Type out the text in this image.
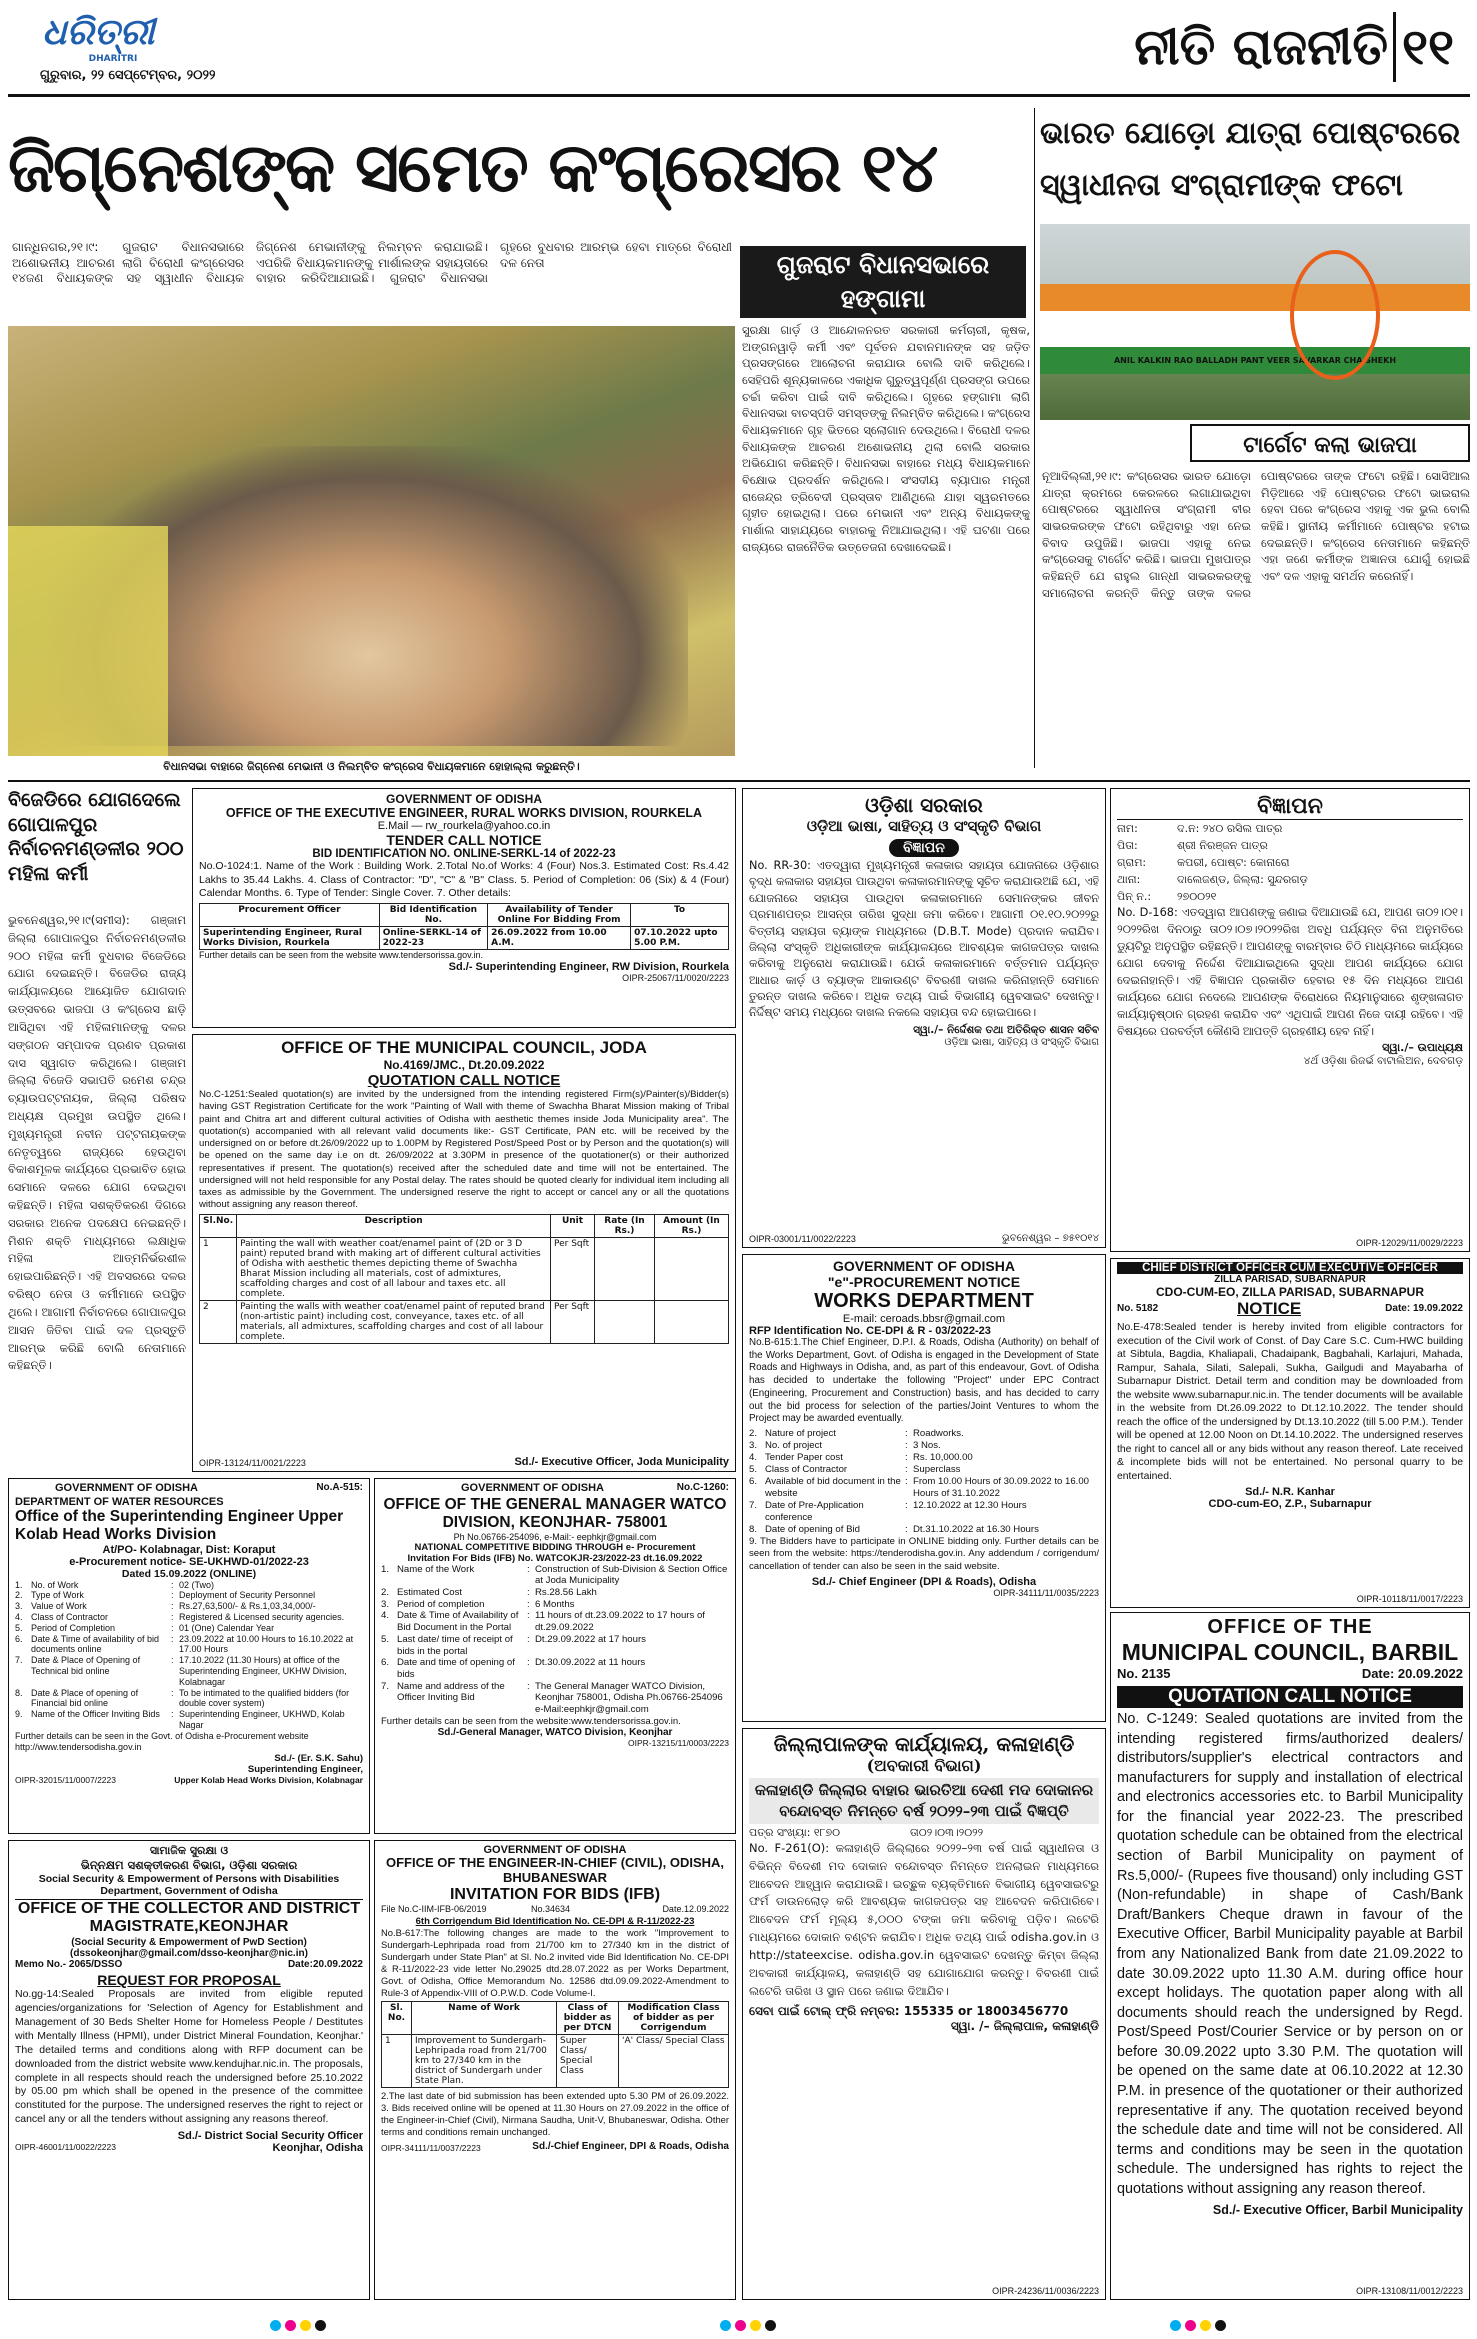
ଧରିତ୍ରୀ
DHARITRI
ଗୁରୁବାର, ୨୨ ସେପ୍ଟେମ୍ବର, ୨୦୨୨	ନୀତି ରାଜନୀତି ୧୧
ଜିଗ୍ନେଶଙ୍କ ସମେତ କଂଗ୍ରେସର ୧୪
ଗାନ୍ଧିନଗର,୨୧।୯: ଗୁଜରାଟ ବିଧାନସଭାରେ ଅଶୋଭନୀୟ ଆଚରଣ ଲାଗି ବିରୋଧୀ କଂଗ୍ରେସର ୧୪ଜଣ ବିଧାୟକଙ୍କ ସହ ସ୍ୱାଧୀନ ବିଧାୟକ ଜିଗ୍ନେଶ ମେଭାନୀଙ୍କୁ ନିଲମ୍ବନ କରାଯାଇଛି। ଏପରିକି ବିଧାୟକମାନଙ୍କୁ ମାର୍ଶାଲଙ୍କ ସହାୟତାରେ ବାହାର କରିଦିଆଯାଇଛି। ଗୁଜରାଟ ବିଧାନସଭା ଗୃହରେ ବୁଧବାର ଆରମ୍ଭ ହେବା ମାତ୍ରେ ବିରୋଧୀ ଦଳ ନେତା
ବିଧାନସଭା ବାହାରେ ଜିଗ୍ନେଶ ମେଭାନୀ ଓ ନିଲମ୍ବିତ କଂଗ୍ରେସ ବିଧାୟକମାନେ ହୋହାଲ୍ଲା କରୁଛନ୍ତି।
ଗୁଜରାଟ ବିଧାନସଭାରେ ହଙ୍ଗାମା
ସୁରକ୍ଷା ଗାର୍ଡ଼ ଓ ଆନ୍ଦୋଳନରତ ସରକାରୀ କର୍ମଚାରୀ, କୃଷକ, ଅଙ୍ଗନୱାଡ଼ି କର୍ମୀ ଏବଂ ପୂର୍ବତନ ଯବାନମାନଙ୍କ ସହ ଜଡ଼ିତ ପ୍ରସଙ୍ଗରେ ଆଲୋଚନା କରାଯାଉ ବୋଲି ଦାବି କରିଥିଲେ। ସେହିପରି ଶୂନ୍ୟକାଳରେ ଏକାଧିକ ଗୁରୁତ୍ୱପୂର୍ଣ୍ଣ ପ୍ରସଙ୍ଗ ଉପରେ ଚର୍ଚ୍ଚା କରିବା ପାଇଁ ଦାବି କରିଥିଲେ। ଗୃହରେ ହଙ୍ଗାମା ଲାଗି ବିଧାନସଭା ବାଚସ୍ପତି ସମସ୍ତଙ୍କୁ ନିଲମ୍ବିତ କରିଥିଲେ। କଂଗ୍ରେସ ବିଧାୟକମାନେ ଗୃହ ଭିତରେ ସ୍ଲୋଗାନ ଦେଉଥିଲେ। ବିରୋଧୀ ଦଳର ବିଧାୟକଙ୍କ ଆଚରଣ ଅଶୋଭନୀୟ ଥିଲା ବୋଲି ସରକାର ଅଭିଯୋଗ କରିଛନ୍ତି। ବିଧାନସଭା ବାହାରେ ମଧ୍ୟ ବିଧାୟକମାନେ ବିକ୍ଷୋଭ ପ୍ରଦର୍ଶନ କରିଥିଲେ। ସଂସଦୀୟ ବ୍ୟାପାର ମନ୍ତ୍ରୀ ରାଜେନ୍ଦ୍ର ତ୍ରିବେଦୀ ପ୍ରସ୍ତାବ ଆଣିଥିଲେ ଯାହା ସ୍ୱରମତରେ ଗୃହୀତ ହୋଇଥିଲା। ପରେ ମେଭାନୀ ଏବଂ ଅନ୍ୟ ବିଧାୟକଙ୍କୁ ମାର୍ଶାଲ ସାହାଯ୍ୟରେ ବାହାରକୁ ନିଆଯାଇଥିଲା। ଏହି ଘଟଣା ପରେ ରାଜ୍ୟରେ ରାଜନୈତିକ ଉତ୍ତେଜନା ଦେଖାଦେଇଛି।
ଭାରତ ଯୋଡ଼ୋ ଯାତ୍ରା ପୋଷ୍ଟରରେ ସ୍ୱାଧୀନତା ସଂଗ୍ରାମୀଙ୍କ ଫଟୋ
ANIL KALKIN RAO BALLADH PANT VEER SAVARKAR CHA SHEKH
ଟାର୍ଗେଟ କଲା ଭାଜପା
ନୂଆଦିଲ୍ଲୀ,୨୧।୯: କଂଗ୍ରେସର ଭାରତ ଯୋଡ଼ୋ ଯାତ୍ରା କ୍ରମରେ କେରଳରେ ଲଗାଯାଇଥିବା ପୋଷ୍ଟରରେ ସ୍ୱାଧୀନତା ସଂଗ୍ରାମୀ ବୀର ସାଭରକରଙ୍କ ଫଟୋ ରହିଥିବାରୁ ଏହା ନେଇ ବିବାଦ ଉପୁଜିଛି। ଭାଜପା ଏହାକୁ ନେଇ କଂଗ୍ରେସକୁ ଟାର୍ଗେଟ କରିଛି। ଭାଜପା ମୁଖପାତ୍ର କହିଛନ୍ତି ଯେ ରାହୁଲ ଗାନ୍ଧୀ ସାଭରକରଙ୍କୁ ସମାଲୋଚନା କରନ୍ତି କିନ୍ତୁ ତାଙ୍କ ଦଳର ପୋଷ୍ଟରରେ ତାଙ୍କ ଫଟୋ ରହିଛି। ସୋସିଆଲ ମିଡ଼ିଆରେ ଏହି ପୋଷ୍ଟରର ଫଟୋ ଭାଇରାଲ ହେବା ପରେ କଂଗ୍ରେସ ଏହାକୁ ଏକ ଭୁଲ ବୋଲି କହିଛି। ସ୍ଥାନୀୟ କର୍ମୀମାନେ ପୋଷ୍ଟର ହଟାଇ ଦେଇଛନ୍ତି। କଂଗ୍ରେସ ନେତାମାନେ କହିଛନ୍ତି ଏହା ଜଣେ କର୍ମୀଙ୍କ ଅଜ୍ଞାନତା ଯୋଗୁଁ ହୋଇଛି ଏବଂ ଦଳ ଏହାକୁ ସମର୍ଥନ କରେନାହିଁ।
ବିଜେଡିରେ ଯୋଗଦେଲେ ଗୋପାଳପୁର ନିର୍ବାଚନମଣ୍ଡଳୀର ୨୦୦ ମହିଳା କର୍ମୀ
ଭୁବନେଶ୍ୱର,୨୧।୯(ସମୀସ): ଗଞ୍ଜାମ ଜିଲ୍ଲା ଗୋପାଳପୁର ନିର୍ବାଚନମଣ୍ଡଳୀର ୨୦୦ ମହିଳା କର୍ମୀ ବୁଧବାର ବିଜେଡିରେ ଯୋଗ ଦେଇଛନ୍ତି। ବିଜେଡିର ରାଜ୍ୟ କାର୍ଯ୍ୟାଳୟରେ ଆୟୋଜିତ ଯୋଗଦାନ ଉତ୍ସବରେ ଭାଜପା ଓ କଂଗ୍ରେସ ଛାଡ଼ି ଆସିଥିବା ଏହି ମହିଳାମାନଙ୍କୁ ଦଳର ସଙ୍ଗଠନ ସମ୍ପାଦକ ପ୍ରଣବ ପ୍ରକାଶ ଦାସ ସ୍ୱାଗତ କରିଥିଲେ। ଗଞ୍ଜାମ ଜିଲ୍ଲା ବିଜେଡି ସଭାପତି ରମେଶ ଚନ୍ଦ୍ର ଚ୍ୟାଉପଟ୍ଟନାୟକ, ଜିଲ୍ଲା ପରିଷଦ ଅଧ୍ୟକ୍ଷ ପ୍ରମୁଖ ଉପସ୍ଥିତ ଥିଲେ। ମୁଖ୍ୟମନ୍ତ୍ରୀ ନବୀନ ପଟ୍ଟନାୟକଙ୍କ ନେତୃତ୍ୱରେ ରାଜ୍ୟରେ ହେଉଥିବା ବିକାଶମୂଳକ କାର୍ଯ୍ୟରେ ପ୍ରଭାବିତ ହୋଇ ସେମାନେ ଦଳରେ ଯୋଗ ଦେଇଥିବା କହିଛନ୍ତି। ମହିଳା ସଶକ୍ତିକରଣ ଦିଗରେ ସରକାର ଅନେକ ପଦକ୍ଷେପ ନେଇଛନ୍ତି। ମିଶନ ଶକ୍ତି ମାଧ୍ୟମରେ ଲକ୍ଷାଧିକ ମହିଳା ଆତ୍ମନିର୍ଭରଶୀଳ ହୋଇପାରିଛନ୍ତି। ଏହି ଅବସରରେ ଦଳର ବରିଷ୍ଠ ନେତା ଓ କର୍ମୀମାନେ ଉପସ୍ଥିତ ଥିଲେ। ଆଗାମୀ ନିର୍ବାଚନରେ ଗୋପାଳପୁର ଆସନ ଜିତିବା ପାଇଁ ଦଳ ପ୍ରସ୍ତୁତି ଆରମ୍ଭ କରିଛି ବୋଲି ନେତାମାନେ କହିଛନ୍ତି।
GOVERNMENT OF ODISHA
OFFICE OF THE EXECUTIVE ENGINEER, RURAL WORKS DIVISION, ROURKELA
E.Mail — rw_rourkela@yahoo.co.in
TENDER CALL NOTICE
BID IDENTIFICATION NO. ONLINE-SERKL-14 of 2022-23
No.O-1024:1. Name of the Work : Building Work. 2.Total No.of Works: 4 (Four) Nos.3. Estimated Cost: Rs.4.42 Lakhs to 35.44 Lakhs. 4. Class of Contractor: "D", "C" & "B" Class. 5. Period of Completion: 06 (Six) & 4 (Four) Calendar Months. 6. Type of Tender: Single Cover. 7. Other details:
Procurement Officer	Bid Identification No.	Availability of Tender Online For Bidding From	To
Superintending Engineer, Rural Works Division, Rourkela	Online-SERKL-14 of 2022-23	26.09.2022 from 10.00 A.M.	07.10.2022 upto 5.00 P.M.
Further details can be seen from the website www.tendersorissa.gov.in.
Sd./- Superintending Engineer, RW Division, Rourkela
OIPR-25067/11/0020/2223
OFFICE OF THE MUNICIPAL COUNCIL, JODA
No.4169/JMC., Dt.20.09.2022
QUOTATION CALL NOTICE
No.C-1251:Sealed quotation(s) are invited by the undersigned from the intending registered Firm(s)/Painter(s)/Bidder(s) having GST Registration Certificate for the work "Painting of Wall with theme of Swachha Bharat Mission making of Tribal paint and Chitra art and different cultural activities of Odisha with aesthetic themes inside Joda Municipality area". The quotation(s) accompanied with all relevant valid documents like:- GST Certificate, PAN etc. will be received by the undersigned on or before dt.26/09/2022 up to 1.00PM by Registered Post/Speed Post or by Person and the quotation(s) will be opened on the same day i.e on dt. 26/09/2022 at 3.30PM in presence of the quotationer(s) or their authorized representatives if present. The quotation(s) received after the scheduled date and time will not be entertained. The undersigned will not held responsible for any Postal delay. The rates should be quoted clearly for individual item including all taxes as admissible by the Government. The undersigned reserve the right to accept or cancel any or all the quotations without assigning any reason thereof.
Sl.No.	Description	Unit	Rate (In Rs.)	Amount (In Rs.)
1	Painting the wall with weather coat/enamel paint of (2D or 3 D paint) reputed brand with making art of different cultural activities of Odisha with aesthetic themes depicting theme of Swachha Bharat Mission including all materials, cost of admixtures, scaffolding charges and cost of all labour and taxes etc. all complete.	Per Sqft		
2	Painting the walls with weather coat/enamel paint of reputed brand (non-artistic paint) including cost, conveyance, taxes etc. of all materials, all admixtures, scaffolding charges and cost of all labour complete.	Per Sqft		
OIPR-13124/11/0021/2223	Sd./- Executive Officer, Joda Municipality
ଓଡ଼ିଶା ସରକାର
ଓଡ଼ିଆ ଭାଷା, ସାହିତ୍ୟ ଓ ସଂସ୍କୃତି ବିଭାଗ
ବିଜ୍ଞାପନ
No. RR-30: ଏତଦ୍ୱାରା ମୁଖ୍ୟମନ୍ତ୍ରୀ କଳାକାର ସହାୟତା ଯୋଜନାରେ ଓଡ଼ିଶାର ବୃଦ୍ଧ କଳାକାର ସହାୟତା ପାଉଥିବା କଳାକାରମାନଙ୍କୁ ସୂଚିତ କରାଯାଉଅଛି ଯେ, ଏହି ଯୋଜନାରେ ସହାୟତା ପାଉଥିବା କଳାକାରମାନେ ସେମାନଙ୍କର ଜୀବନ ପ୍ରମାଣପତ୍ର ଆସନ୍ତା ତାରିଖ ସୁଦ୍ଧା ଜମା କରିବେ। ଆଗାମୀ ୦୧.୧୦.୨୦୨୨ରୁ ବିତ୍ତୀୟ ସହାୟତା ବ୍ୟାଙ୍କ ମାଧ୍ୟମରେ (D.B.T. Mode) ପ୍ରଦାନ କରାଯିବ। ଜିଲ୍ଲା ସଂସ୍କୃତି ଅଧିକାରୀଙ୍କ କାର୍ଯ୍ୟାଳୟରେ ଆବଶ୍ୟକ କାଗଜପତ୍ର ଦାଖଲ କରିବାକୁ ଅନୁରୋଧ କରାଯାଉଛି। ଯେଉଁ କଳାକାରମାନେ ବର୍ତ୍ତମାନ ପର୍ଯ୍ୟନ୍ତ ଆଧାର କାର୍ଡ଼ ଓ ବ୍ୟାଙ୍କ ଆକାଉଣ୍ଟ ବିବରଣୀ ଦାଖଲ କରିନାହାନ୍ତି ସେମାନେ ତୁରନ୍ତ ଦାଖଲ କରିବେ। ଅଧିକ ତଥ୍ୟ ପାଇଁ ବିଭାଗୀୟ ୱେବସାଇଟ ଦେଖନ୍ତୁ। ନିର୍ଦ୍ଦିଷ୍ଟ ସମୟ ମଧ୍ୟରେ ଦାଖଲ ନକଲେ ସହାୟତା ବନ୍ଦ ହୋଇପାରେ।
ସ୍ୱା./– ନିର୍ଦ୍ଦେଶକ ତଥା ଅତିରିକ୍ତ ଶାସନ ସଚିବ
ଓଡ଼ିଆ ଭାଷା, ସାହିତ୍ୟ ଓ ସଂସ୍କୃତି ବିଭାଗ
OIPR-03001/11/0022/2223	ଭୁବନେଶ୍ୱର – ୭୫୧୦୧୪
ବିଜ୍ଞାପନ
ନାମ:	ଦ.ନ: ୨୪୦ ରସିଲ ପାତ୍ର
ପିତା:	ଶ୍ରୀ ନିରଞ୍ଜନ ପାତ୍ର
ଗ୍ରାମ:	କପରୀ, ପୋଷ୍ଟ: କୋନାରୋ
ଥାନା:	ଦାଲେଜଣ୍ଡ, ଜିଲ୍ଲା: ସୁନ୍ଦରଗଡ଼
ପିନ୍ ନ.: ୨୭୦୦୨୧
No. D-168: ଏତଦ୍ୱାରା ଆପଣଙ୍କୁ ଜଣାଇ ଦିଆଯାଉଛି ଯେ, ଆପଣ ତା୦୨।୦୧।୨୦୨୨ରିଖ ଦିନଠାରୁ ତା୦୨।୦୭।୨୦୨୨ରିଖ ଅବଧି ପର୍ଯ୍ୟନ୍ତ ବିନା ଅନୁମତିରେ ଡ୍ୟୁଟିରୁ ଅନୁପସ୍ଥିତ ରହିଛନ୍ତି। ଆପଣଙ୍କୁ ବାରମ୍ବାର ଚିଠି ମାଧ୍ୟମରେ କାର୍ଯ୍ୟରେ ଯୋଗ ଦେବାକୁ ନିର୍ଦ୍ଦେଶ ଦିଆଯାଇଥିଲେ ସୁଦ୍ଧା ଆପଣ କାର୍ଯ୍ୟରେ ଯୋଗ ଦେଇନାହାନ୍ତି। ଏହି ବିଜ୍ଞାପନ ପ୍ରକାଶିତ ହେବାର ୧୫ ଦିନ ମଧ୍ୟରେ ଆପଣ କାର୍ଯ୍ୟରେ ଯୋଗ ନଦେଲେ ଆପଣଙ୍କ ବିରୋଧରେ ନିୟମାନୁସାରେ ଶୃଙ୍ଖଳାଗତ କାର୍ଯ୍ୟାନୁଷ୍ଠାନ ଗ୍ରହଣ କରାଯିବ ଏବଂ ଏଥିପାଇଁ ଆପଣ ନିଜେ ଦାୟୀ ରହିବେ। ଏହି ବିଷୟରେ ପରବର୍ତ୍ତୀ କୌଣସି ଆପତ୍ତି ଗ୍ରହଣୀୟ ହେବ ନାହିଁ।
ସ୍ୱା./– ଉପାଧ୍ୟକ୍ଷ
୪ର୍ଥ ଓଡ଼ିଶା ରିଜର୍ଭ ବାଟାଲିଅନ, ଦେବଗଡ଼
OIPR-12029/11/0029/2223
GOVERNMENT OF ODISHA
"e"-PROCUREMENT NOTICE
WORKS DEPARTMENT
E-mail: ceroads.bbsr@gmail.com
RFP Identification No. CE-DPI & R - 03/2022-23
No.B-615:1.The Chief Engineer, D.P.I. & Roads, Odisha (Authority) on behalf of the Works Department, Govt. of Odisha is engaged in the Development of State Roads and Highways in Odisha, and, as part of this endeavour, Govt. of Odisha has decided to undertake the following "Project" under EPC Contract (Engineering, Procurement and Construction) basis, and has decided to carry out the bid process for selection of the parties/Joint Ventures to whom the Project may be awarded eventually.
2. Nature of project	: Roadworks.
3. No. of project	: 3 Nos.
4. Tender Paper cost	: Rs. 10,000.00
5. Class of Contractor	: Superclass
6. Available of bid document in the website
: From 10.00 Hours of 30.09.2022 to 16.00 Hours of 31.10.2022
7. Date of Pre-Application conference
: 12.10.2022 at 12.30 Hours
8. Date of opening of Bid	: Dt.31.10.2022 at 16.30 Hours
9. The Bidders have to participate in ONLINE bidding only. Further details can be seen from the website: https://tenderodisha.gov.in. Any addendum / corrigendum/ cancellation of tender can also be seen in the said website.
Sd./- Chief Engineer (DPI & Roads), Odisha
OIPR-34111/11/0035/2223
ଜିଲ୍ଲାପାଳଙ୍କ କାର୍ଯ୍ୟାଳୟ, କଳାହାଣ୍ଡି
(ଅବକାରୀ ବିଭାଗ)
କଳାହାଣ୍ଡି ଜିଲ୍ଲାର ବାହାର ଭାରତିଆ ଦେଶୀ ମଦ ଦୋକାନର ବନ୍ଦୋବସ୍ତ ନିମନ୍ତେ ବର୍ଷ ୨୦୨୨–୨୩ ପାଇଁ ବିଜ୍ଞପ୍ତି
ପତ୍ର ସଂଖ୍ୟା: ୧୮୭୦                    ତା୦୨।୦୩।୨୦୨୨
No. F-261(O): କଳାହାଣ୍ଡି ଜିଲ୍ଲାରେ ୨୦୨୨–୨୩ ବର୍ଷ ପାଇଁ ସ୍ୱାଧୀନତା ଓ ବିଭିନ୍ନ ବିଦେଶୀ ମଦ ଦୋକାନ ବନ୍ଦୋବସ୍ତ ନିମନ୍ତେ ଅନଲାଇନ ମାଧ୍ୟମରେ ଆବେଦନ ଆହ୍ୱାନ କରାଯାଉଛି। ଇଚ୍ଛୁକ ବ୍ୟକ୍ତିମାନେ ବିଭାଗୀୟ ୱେବସାଇଟରୁ ଫର୍ମ ଡାଉନଲୋଡ଼ କରି ଆବଶ୍ୟକ କାଗଜପତ୍ର ସହ ଆବେଦନ କରିପାରିବେ। ଆବେଦନ ଫର୍ମ ମୂଲ୍ୟ ୫,୦୦୦ ଟଙ୍କା ଜମା କରିବାକୁ ପଡ଼ିବ। ଲଟେରି ମାଧ୍ୟମରେ ଦୋକାନ ବଣ୍ଟନ କରାଯିବ। ଅଧିକ ତଥ୍ୟ ପାଇଁ odisha.gov.in ଓ http://stateexcise. odisha.gov.in ୱେବସାଇଟ ଦେଖନ୍ତୁ କିମ୍ବା ଜିଲ୍ଲା ଅବକାରୀ କାର୍ଯ୍ୟାଳୟ, କଳାହାଣ୍ଡି ସହ ଯୋଗାଯୋଗ କରନ୍ତୁ। ବିବରଣୀ ପାଇଁ ଲଟେରି ତାରିଖ ଓ ସ୍ଥାନ ପରେ ଜଣାଇ ଦିଆଯିବ।
ସେବା ପାଇଁ ଟୋଲ୍ ଫ୍ରି ନମ୍ବର: 155335 or 18003456770
ସ୍ୱା. /– ଜିଲ୍ଲାପାଳ, କଳାହାଣ୍ଡି
OIPR-24236/11/0036/2223
CHIEF DISTRICT OFFICER CUM EXECUTIVE OFFICER
ZILLA PARISAD, SUBARNAPUR
CDO-CUM-EO, ZILLA PARISAD, SUBARNAPUR
No. 5182	NOTICE	Date: 19.09.2022
No.E-478:Sealed tender is hereby invited from eligible contractors for execution of the Civil work of Const. of Day Care S.C. Cum-HWC building at Sibtula, Bagdia, Khaliapali, Chadaipank, Bagbahali, Karlajuri, Mahada, Rampur, Sahala, Silati, Salepali, Sukha, Gailgudi and Mayabarha of Subarnapur District. Detail term and condition may be downloaded from the website www.subarnapur.nic.in. The tender documents will be available in the website from Dt.26.09.2022 to Dt.12.10.2022. The tender should reach the office of the undersigned by Dt.13.10.2022 (till 5.00 P.M.). Tender will be opened at 12.00 Noon on Dt.14.10.2022. The undersigned reserves the right to cancel all or any bids without any reason thereof. Late received & incomplete bids will not be entertained. No personal quarry to be entertained.
Sd./- N.R. Kanhar
CDO-cum-EO, Z.P., Subarnapur
OIPR-10118/11/0017/2223
OFFICE OF THE
MUNICIPAL COUNCIL, BARBIL
No. 2135	Date: 20.09.2022
QUOTATION CALL NOTICE
No. C-1249: Sealed quotations are invited from the intending registered firms/authorized dealers/ distributors/supplier's electrical contractors and manufacturers for supply and installation of electrical and electronics accessories etc. to Barbil Municipality for the financial year 2022-23. The prescribed quotation schedule can be obtained from the electrical section of Barbil Municipality on payment of Rs.5,000/- (Rupees five thousand) only including GST (Non-refundable) in shape of Cash/Bank Draft/Bankers Cheque drawn in favour of the Executive Officer, Barbil Municipality payable at Barbil from any Nationalized Bank from date 21.09.2022 to date 30.09.2022 upto 11.30 A.M. during office hour except holidays. The quotation paper along with all documents should reach the undersigned by Regd. Post/Speed Post/Courier Service or by person on or before 30.09.2022 upto 3.30 P.M. The quotation will be opened on the same date at 06.10.2022 at 12.30 P.M. in presence of the quotationer or their authorized representative if any. The quotation received beyond the schedule date and time will not be considered. All terms and conditions may be seen in the quotation schedule. The undersigned has rights to reject the quotations without assigning any reason thereof.
Sd./- Executive Officer, Barbil Municipality
OIPR-13108/11/0012/2223
GOVERNMENT OF ODISHA	No.A-515:
DEPARTMENT OF WATER RESOURCES
Office of the Superintending Engineer Upper Kolab Head Works Division
At/PO- Kolabnagar, Dist: Koraput
e-Procurement notice- SE-UKHWD-01/2022-23
Dated 15.09.2022 (ONLINE)
1. No. of Work	: 02 (Two)
2. Type of Work	: Deployment of Security Personnel
3. Value of Work	: Rs.27,63,500/- & Rs.1,03,34,000/-
4. Class of Contractor	: Registered & Licensed security agencies.
5. Period of Completion	: 01 (One) Calendar Year
6. Date & Time of availability of bid documents online
: 23.09.2022 at 10.00 Hours to 16.10.2022 at 17.00 Hours
7. Date & Place of Opening of Technical bid online
: 17.10.2022 (11.30 Hours) at office of the Superintending Engineer, UKHW Division, Kolabnagar
8. Date & Place of opening of Financial bid online
: To be intimated to the qualified bidders (for double cover system)
9. Name of the Officer Inviting Bids	: Superintending Engineer, UKHWD, Kolab Nagar
Further details can be seen in the Govt. of Odisha e-Procurement website http://www.tendersodisha.gov.in
Sd./- (Er. S.K. Sahu)
Superintending Engineer,
OIPR-32015/11/0007/2223	Upper Kolab Head Works Division, Kolabnagar
GOVERNMENT OF ODISHA	No.C-1260:
OFFICE OF THE GENERAL MANAGER WATCO DIVISION, KEONJHAR- 758001
Ph No.06766-254096, e-Mail:- eephkjr@gmail.com
NATIONAL COMPETITIVE BIDDING THROUGH e- Procurement
Invitation For Bids (IFB) No. WATCOKJR-23/2022-23 dt.16.09.2022
1. Name of the Work	: Construction of Sub-Division & Section Office at Joda Municipality
2. Estimated Cost	: Rs.28.56 Lakh
3. Period of completion	: 6 Months
4. Date & Time of Availability of Bid Document in the Portal
: 11 hours of dt.23.09.2022 to 17 hours of dt.29.09.2022
5. Last date/ time of receipt of bids in the portal
: Dt.29.09.2022 at 17 hours
6. Date and time of opening of bids
: Dt.30.09.2022 at 11 hours
7. Name and address of the Officer Inviting Bid
: The General Manager WATCO Division, Keonjhar 758001, Odisha Ph.06766-254096 e-Mail:eephkjr@gmail.com
Further details can be seen from the website:www.tendersorissa.gov.in.
Sd./-General Manager, WATCO Division, Keonjhar
OIPR-13215/11/0003/2223
ସାମାଜିକ ସୁରକ୍ଷା ଓ
ଭିନ୍ନକ୍ଷମ ସଶକ୍ତୀକରଣ ବିଭାଗ, ଓଡ଼ିଶା ସରକାର
Social Security & Empowerment of Persons with Disabilities Department, Government of Odisha
OFFICE OF THE COLLECTOR AND DISTRICT MAGISTRATE,KEONJHAR
(Social Security & Empowerment of PwD Section)
(dssokeonjhar@gmail.com/dsso-keonjhar@nic.in)
Memo No.- 2065/DSSO	Date:20.09.2022
REQUEST FOR PROPOSAL
No.gg-14:Sealed Proposals are invited from eligible reputed agencies/organizations for 'Selection of Agency for Establishment and Management of 30 Beds Shelter Home for Homeless People / Destitutes with Mentally Illness (HPMI), under District Mineral Foundation, Keonjhar.' The detailed terms and conditions along with RFP document can be downloaded from the district website www.kendujhar.nic.in. The proposals, complete in all respects should reach the undersigned before 25.10.2022 by 05.00 pm which shall be opened in the presence of the committee constituted for the purpose. The undersigned reserves the right to reject or cancel any or all the tenders without assigning any reasons thereof.
Sd./- District Social Security Officer
OIPR-46001/11/0022/2223	Keonjhar, Odisha
GOVERNMENT OF ODISHA
OFFICE OF THE ENGINEER-IN-CHIEF (CIVIL), ODISHA, BHUBANESWAR
INVITATION FOR BIDS (IFB)
File No.C-IIM-IFB-06/2019	No.34634	Date.12.09.2022
6th Corrigendum Bid Identification No. CE-DPI & R-11/2022-23
No.B-617:The following changes are made to the work "Improvement to Sundergarh-Lephripada road from 21/700 km to 27/340 km in the district of Sundergarh under State Plan" at Sl. No.2 invited vide Bid Identification No. CE-DPI & R-11/2022-23 vide letter No.29025 dtd.28.07.2022 as per Works Department, Govt. of Odisha, Office Memorandum No. 12586 dtd.09.09.2022-Amendment to Rule-3 of Appendix-VIII of O.P.W.D. Code Volume-I.
Sl. No.	Name of Work	Class of bidder as per DTCN	Modification Class of bidder as per Corrigendum
1	Improvement to Sundergarh-Lephripada road from 21/700 km to 27/340 km in the district of Sundergarh under State Plan.	Super Class/ Special Class	'A' Class/ Special Class
2.The last date of bid submission has been extended upto 5.30 PM of 26.09.2022. 3. Bids received online will be opened at 11.30 Hours on 27.09.2022 in the office of the Engineer-in-Chief (Civil), Nirmana Saudha, Unit-V, Bhubaneswar, Odisha. Other terms and conditions remain unchanged.
OIPR-34111/11/0037/2223	Sd./-Chief Engineer, DPI & Roads, Odisha
